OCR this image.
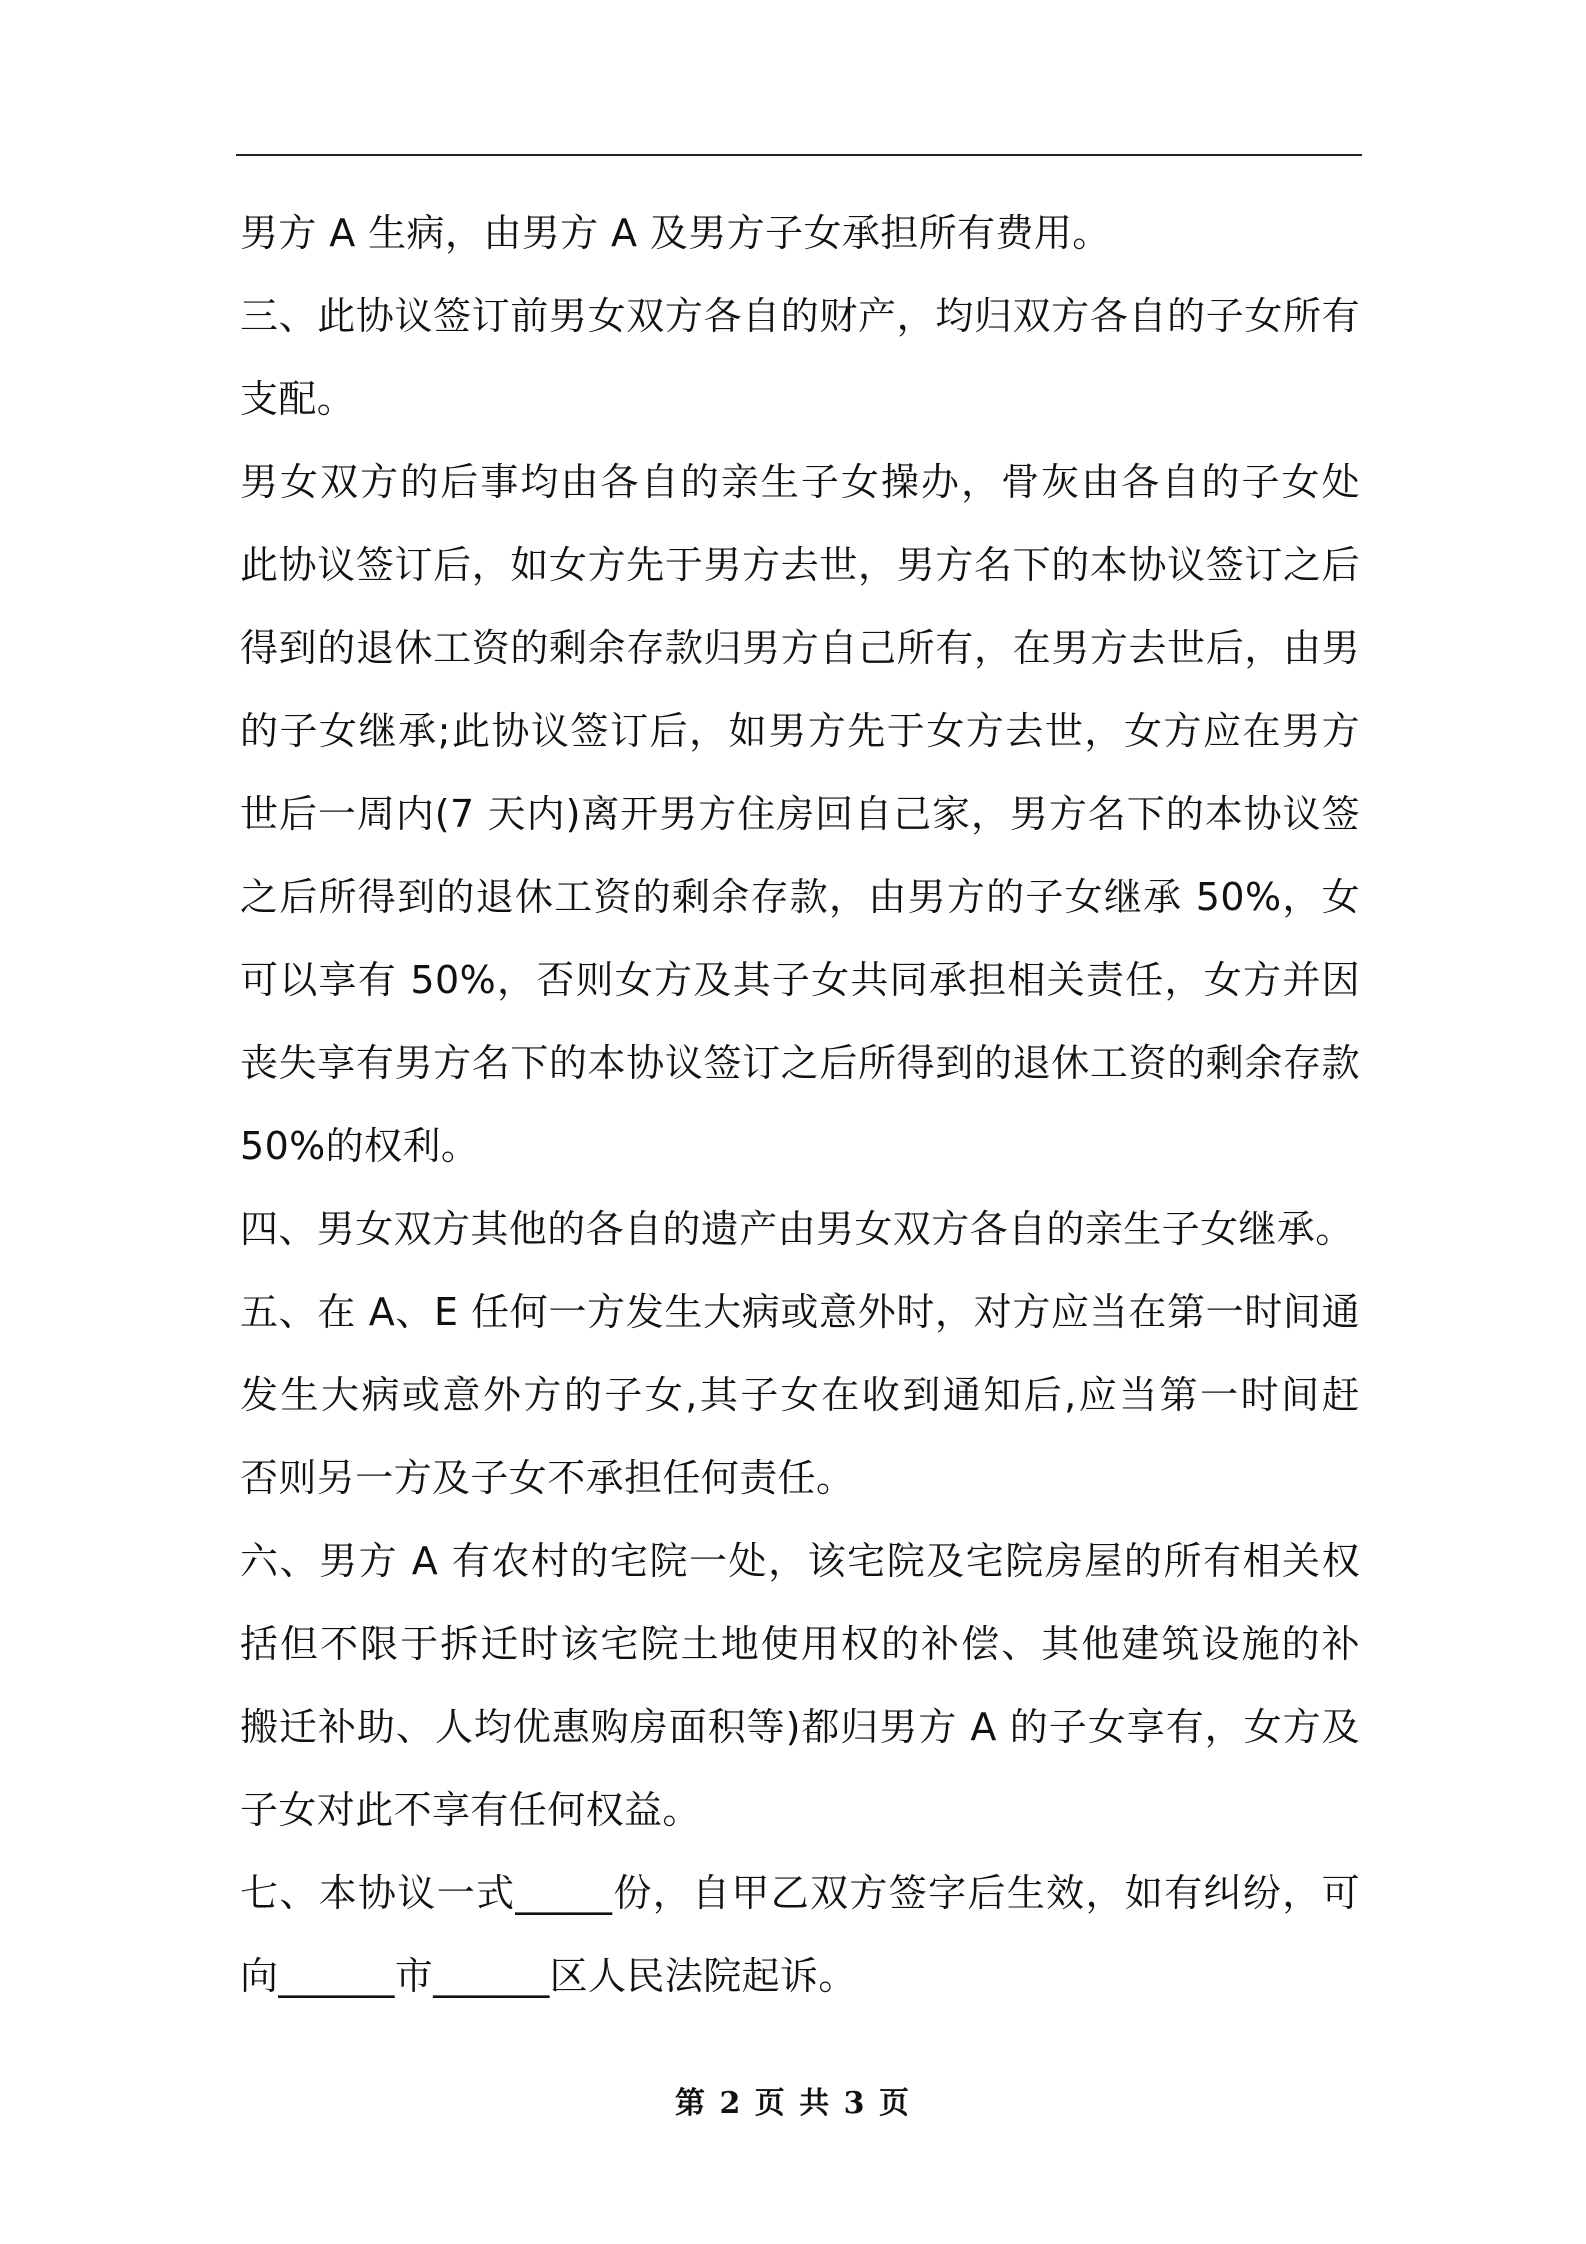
男方 A 生病，由男方 A 及男方子女承担所有费用。
三、此协议签订前男女双方各自的财产，均归双方各自的子女所有
支配。
男女双方的后事均由各自的亲生子女操办，骨灰由各自的子女处
此协议签订后，如女方先于男方去世，男方名下的本协议签订之后
得到的退休工资的剩余存款归男方自己所有，在男方去世后，由男
的子女继承;此协议签订后，如男方先于女方去世，女方应在男方
世后一周内(7 天内)离开男方住房回自己家，男方名下的本协议签
之后所得到的退休工资的剩余存款，由男方的子女继承 50%，女
可以享有 50%，否则女方及其子女共同承担相关责任，女方并因
丧失享有男方名下的本协议签订之后所得到的退休工资的剩余存款
50%的权利。
四、男女双方其他的各自的遗产由男女双方各自的亲生子女继承。
五、在 A、E 任何一方发生大病或意外时，对方应当在第一时间通
发生大病或意外方的子女,其子女在收到通知后,应当第一时间赶
否则另一方及子女不承担任何责任。
六、男方 A 有农村的宅院一处，该宅院及宅院房屋的所有相关权
括但不限于拆迁时该宅院土地使用权的补偿、其他建筑设施的补
搬迁补助、人均优惠购房面积等)都归男方 A 的子女享有，女方及
子女对此不享有任何权益。
七、本协议一式_____份，自甲乙双方签字后生效，如有纠纷，可
向______市______区人民法院起诉。
第 2 页 共 3 页
